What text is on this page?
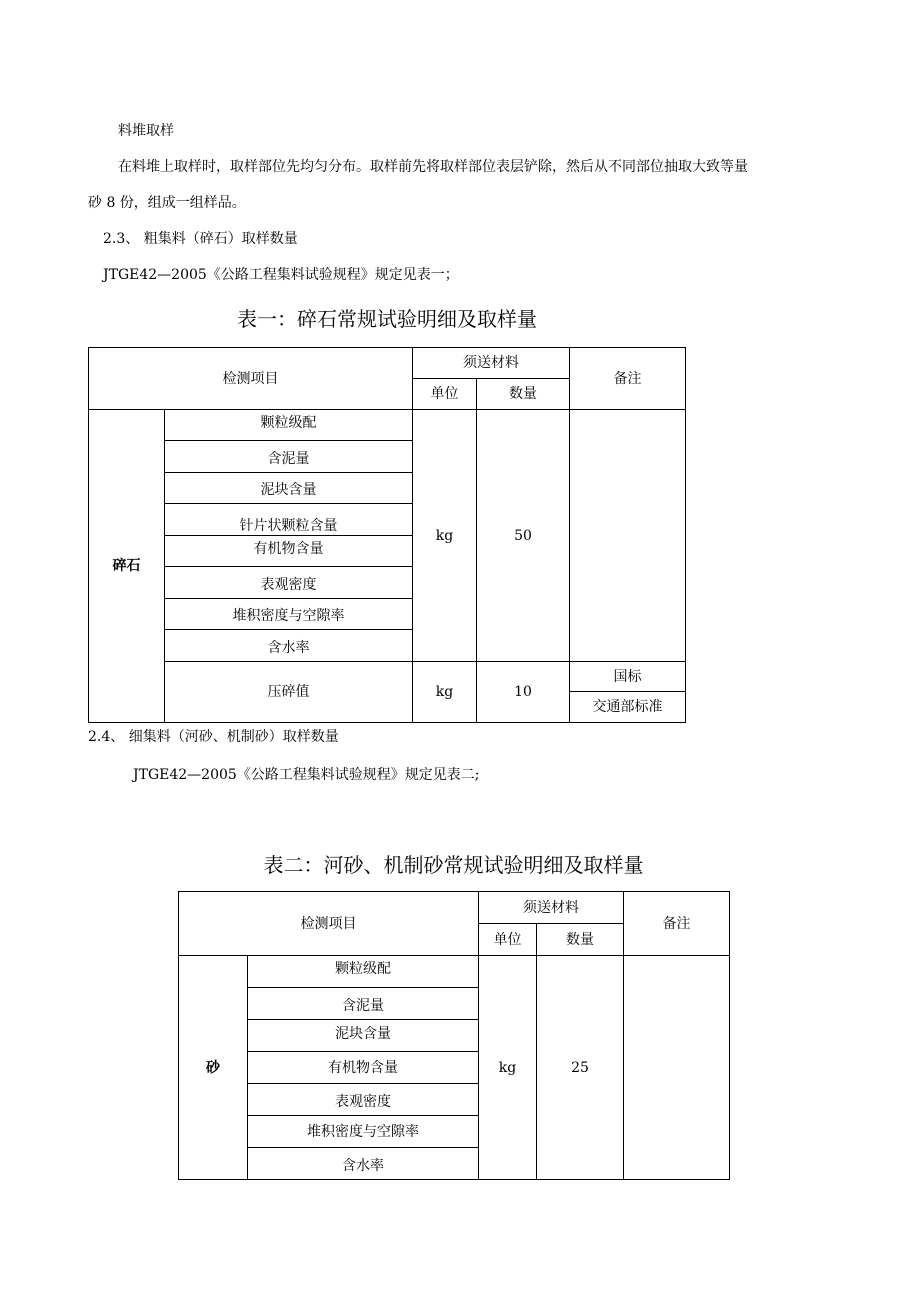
料堆取样
在料堆上取样时，取样部位先均匀分布。取样前先将取样部位表层铲除，然后从不同部位抽取大致等量
砂 8 份，组成一组样品。
2.3、 粗集料（碎石）取样数量
JTGE42—2005《公路工程集料试验规程》规定见表一；
表一：碎石常规试验明细及取样量
检测项目		须送材料		备注
		单位	数量	
碎石	颗粒级配	kg	50	
	含泥量			
	泥块含量			
	针片状颗粒含量			
	有机物含量			
	表观密度			
	堆积密度与空隙率			
	含水率			
	压碎值	kg	10	国标
				交通部标准
2.4、 细集料（河砂、机制砂）取样数量
JTGE42—2005《公路工程集料试验规程》规定见表二;
表二：河砂、机制砂常规试验明细及取样量
检测项目		须送材料		备注
		单位	数量	
砂	颗粒级配	kg	25	
	含泥量			
	泥块含量			
	有机物含量			
	表观密度			
	堆积密度与空隙率			
	含水率			
